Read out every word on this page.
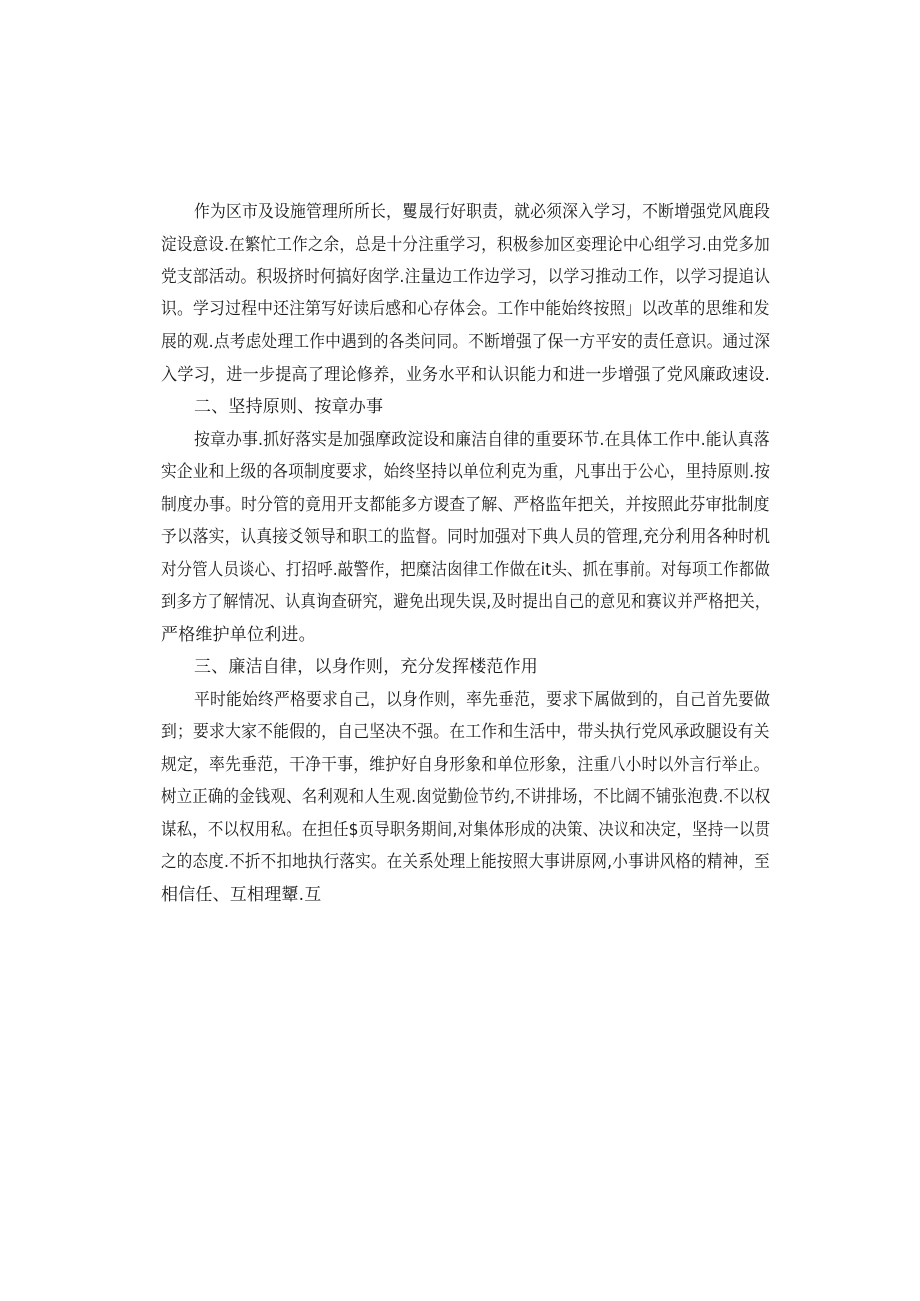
作为区市及设施管理所所长，矍晟行好职责，就必须深入学习，不断增强党风鹿段
淀设意设.在繁忙工作之余，总是十分注重学习，积极参加区娈理论中心组学习.由党多加
党支部活动。积圾挤时何搞好囱学.注量边工作边学习，以学习推动工作，以学习提追认
识。学习过程中还注第写好读后感和心存体会。工作中能始终按照」以改革的思维和发
展的观.点考虑处理工作中遇到的各类问同。不断增强了保一方平安的责任意识。通过深
入学习，进一步提高了理论修养，业务水平和认识能力和进一步增强了党风廉政速设.
二、坚持原则、按章办事
按章办事.抓好落实是加强摩政淀设和廉洁自律的重要环节.在具体工作中.能认真落
实企业和上级的各项制度要求，始终坚持以单位利克为重，凡事出于公心，里持原则.按
制度办事。时分管的竟用开支都能多方谡查了解、严格监年把关，并按照此芬审批制度
予以落实，认真接爻领导和职工的监督。同时加强对下典人员的管理,充分利用各种时机
对分管人员谈心、打招呼.敲警作，把糜沽囱律工作做在it头、抓在事前。对每项工作都做
到多方了解情况、认真询查研究，避免出现失误,及时提出自己的意见和赛议并严格把关，
严格维护单位利进。
三、廉洁自律，以身作则，充分发挥楼范作用
平时能始终严格要求自己，以身作则，率先垂范，要求下属做到的，自己首先要做
到；要求大家不能假的，自己坚决不强。在工作和生活中，带头执行党风承政腿设有关
规定，率先垂范，干净干事，维护好自身形象和单位形象，注重八小时以外言行举止。
树立正确的金钱观、名利观和人生观.囱觉勤俭节约,不讲排场，不比阔不铺张泡费.不以权
谋私，不以权用私。在担任$页导职务期间,对集体形成的决策、决议和决定，坚持一以贯
之的态度.不折不扣地执行落实。在关系处理上能按照大事讲原网,小事讲风格的精神，至
相信任、互相理顰.互
